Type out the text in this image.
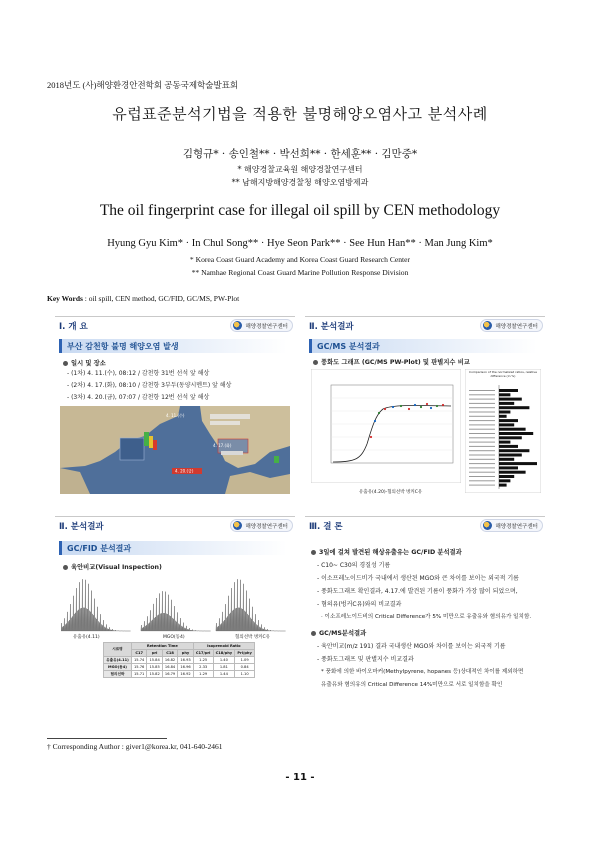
2018년도 (사)해양환경안전학회 공동국제학술발표회
유럽표준분석기법을 적용한 불명해양오염사고 분석사례
김형규* · 송인철** · 박선희** · 한세훈** · 김만중*
* 해양경찰교육원 해양경찰연구센터
** 남해지방해양경찰청 해양오염방제과
The oil fingerprint case for illegal oil spill by CEN methodology
Hyung Gyu Kim* · In Chul Song** · Hye Seon Park** · See Hun Han** · Man Jung Kim*
* Korea Coast Guard Academy and Korea Coast Guard Research Center
** Namhae Regional Coast Guard Marine Pollution Response Division
Key Words : oil spill, CEN method, GC/FID, GC/MS, PW-Plot
Ⅰ. 개 요	해양경찰연구센터
부산 감천항 불명 해양오염 발생
일시 및 장소
- (1차) 4. 11.(수), 08:12 / 감천항 31번 선석 앞 해상
- (2차) 4. 17.(화), 08:10 / 감천항 3부두(동양시멘트) 앞 해상
- (3차) 4. 20.(금), 07:07 / 감천항 12번 선석 앞 해상
4. 11.(수)
4. 17.(화)
4. 20.(금)
Ⅱ. 분석결과	해양경찰연구센터
GC/MS 분석결과
풍화도 그래프 (GC/MS PW-Plot) 및 판별지수 비교
유출유(4.20)-혐의선박 벙커C유
Comparison of the normalized ratios, relative difference (in %)
Ⅱ. 분석결과	해양경찰연구센터
GC/FID 분석결과
육안비교(Visual Inspection)
유출유(4.11)	MGO(동4)	혐의선박 벙커C유
시료명	Retention Time				Isoprenoid Ratio		
	C17	pri	C18	phy	C17/pri	C18/phy	Pri/phy
유출유(4.11)	15.74	15.84	16.82	16.93	1.25	1.40	1.09
MGO(동4)	15.76	15.85	16.84	16.96	2.33	1.81	0.84
혐의선박	15.71	15.82	16.79	16.92	1.29	1.44	1.10
Ⅲ. 결 론	해양경찰연구센터
3일에 걸쳐 발견된 해상유출유는 GC/FID 분석결과
- C10~ C30의 경질성 기름
- 이소프레노이드비가 국내에서 생산된 MGO와 큰 차이를 보이는 외국적 기름
- 풍화도그래프 확인결과, 4.17.에 발견된 기름이 풍화가 가장 많이 되었으며,
- 혐의유(벙커C유)와의 비교결과
· 이소프레노이드비의 Critical Difference가 5% 미만으로 유출유와 혐의유가 일치함.
GC/MS분석결과
- 육안비교(m/z 191) 결과 국내생산 MGO와 차이를 보이는 외국적 기름
- 풍화도그래프 및 판별지수 비교결과
* 풍화에 의한 바이오마커(Methylpyrene, hopanes 등)상대적인 차이를 제외하면
유출유와 혐의유의 Critical Difference 14%미만으로 서로 일치함을 확인
† Corresponding Author : giver1@korea.kr, 041-640-2461
- 11 -
